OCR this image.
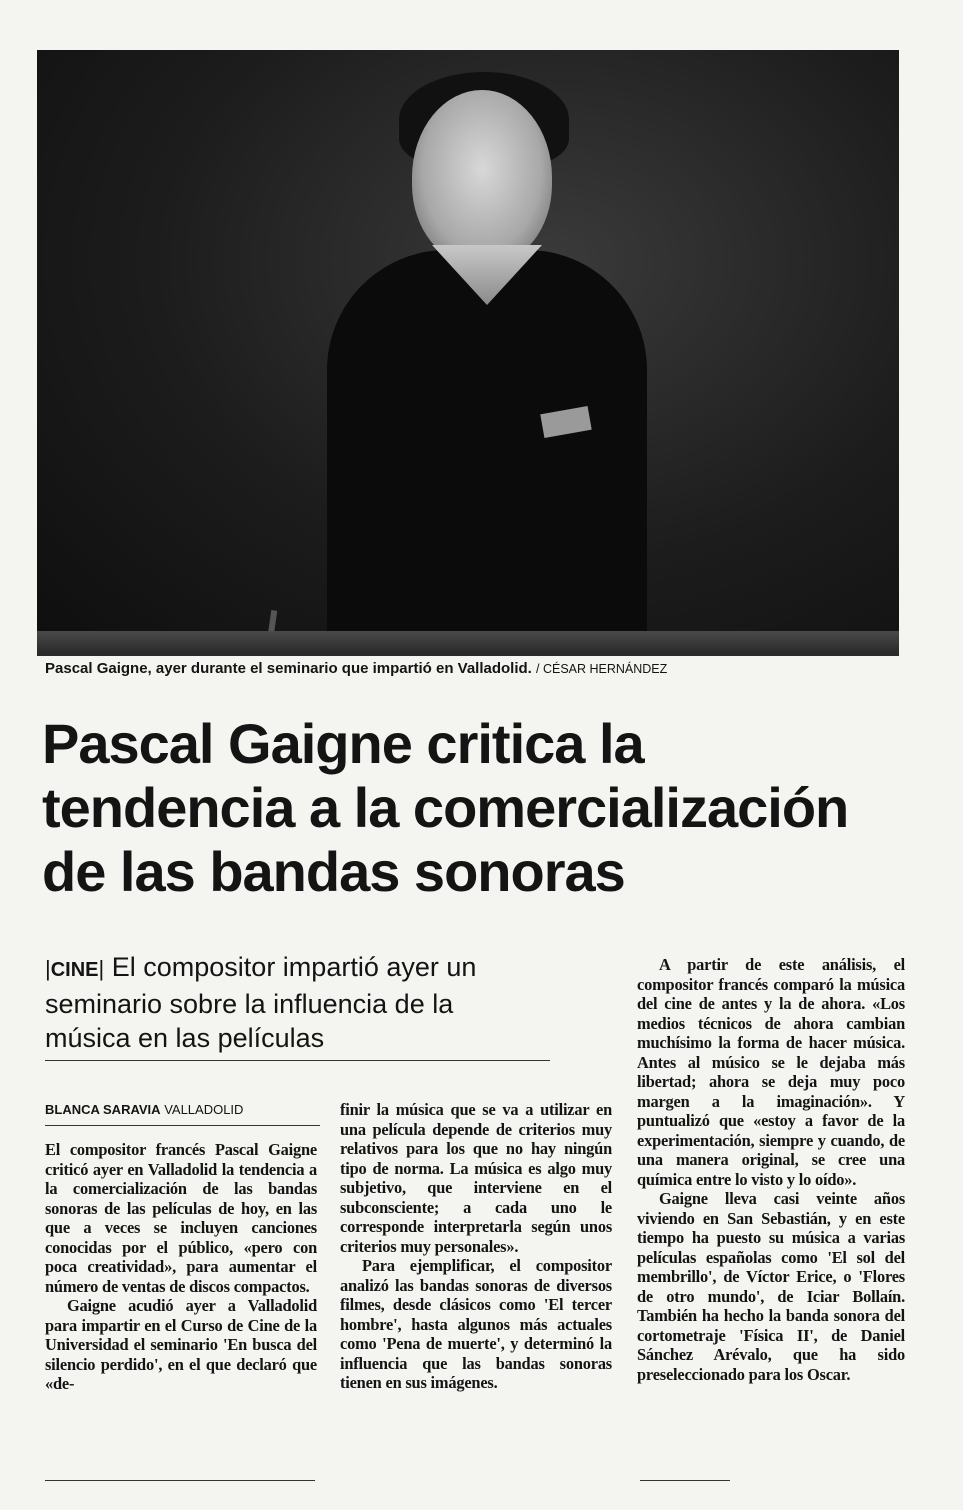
Pascal Gaigne, ayer durante el seminario que impartió en Valladolid. / CÉSAR HERNÁNDEZ
Pascal Gaigne critica la
tendencia a la comercialización
de las bandas sonoras
|CINE| El compositor impartió ayer un
seminario sobre la influencia de la
música en las películas
BLANCA SARAVIA VALLADOLID

El compositor francés Pascal Gaigne criticó ayer en Valladolid la tendencia a la comercialización de las bandas sonoras de las películas de hoy, en las que a veces se incluyen canciones conocidas por el público, «pero con poca creatividad», para aumentar el número de ventas de discos compactos.

Gaigne acudió ayer a Valladolid para impartir en el Curso de Cine de la Universidad el seminario 'En busca del silencio perdido', en el que declaró que «de-

finir la música que se va a utilizar en una película depende de criterios muy relativos para los que no hay ningún tipo de norma. La música es algo muy subjetivo, que interviene en el subconsciente; a cada uno le corresponde interpretarla según unos criterios muy personales».

Para ejemplificar, el compositor analizó las bandas sonoras de diversos filmes, desde clásicos como 'El tercer hombre', hasta algunos más actuales como 'Pena de muerte', y determinó la influencia que las bandas sonoras tienen en sus imágenes.

A partir de este análisis, el compositor francés comparó la música del cine de antes y la de ahora. «Los medios técnicos de ahora cambian muchísimo la forma de hacer música. Antes al músico se le dejaba más libertad; ahora se deja muy poco margen a la imaginación». Y puntualizó que «estoy a favor de la experimentación, siempre y cuando, de una manera original, se cree una química entre lo visto y lo oído».

Gaigne lleva casi veinte años viviendo en San Sebastián, y en este tiempo ha puesto su música a varias películas españolas como 'El sol del membrillo', de Víctor Erice, o 'Flores de otro mundo', de Iciar Bollaín. También ha hecho la banda sonora del cortometraje 'Física II', de Daniel Sánchez Arévalo, que ha sido preseleccionado para los Oscar.
